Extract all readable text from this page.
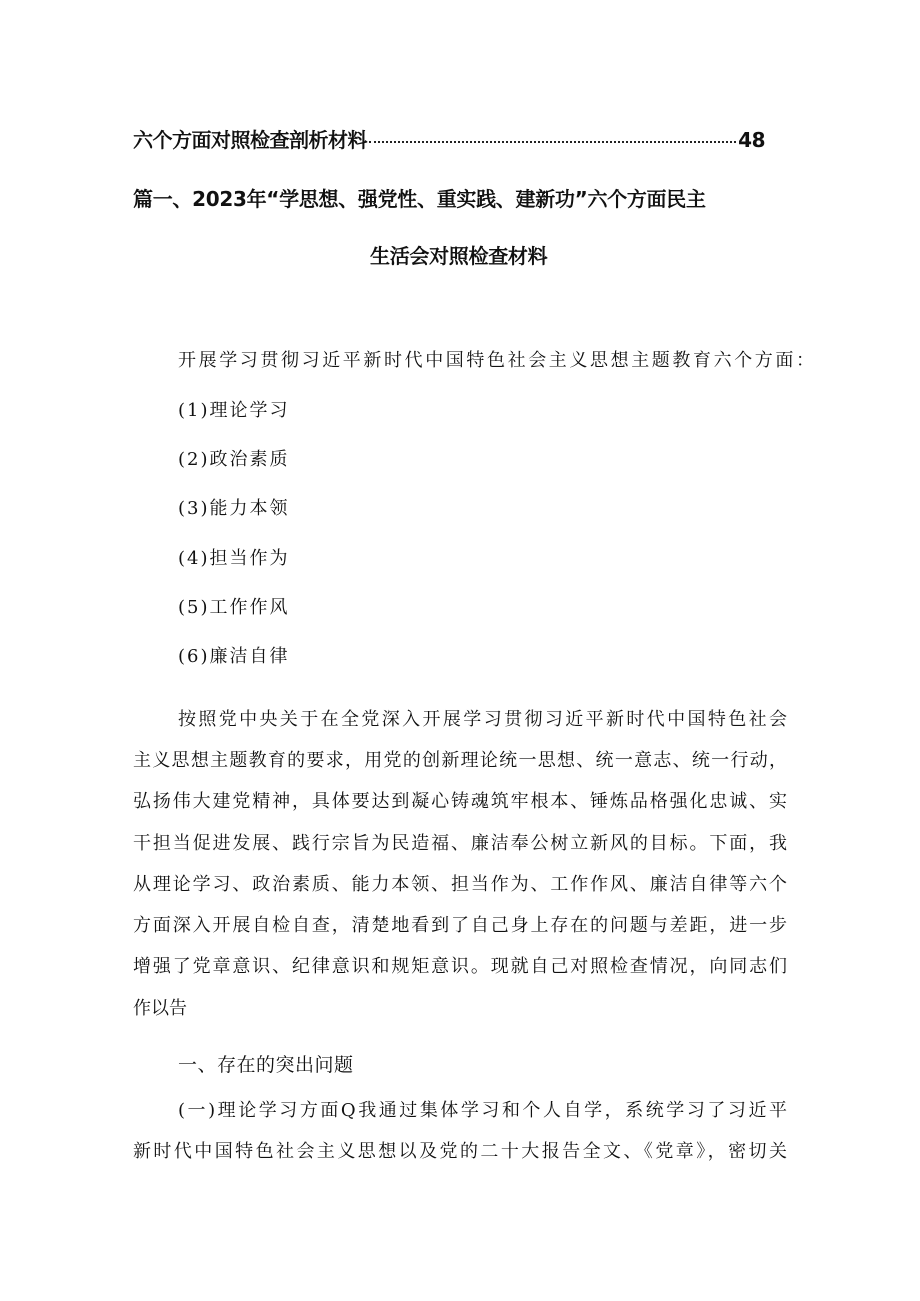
六个方面对照检查剖析材料	48
篇一、2023年“学思想、强党性、重实践、建新功”六个方面民主
生活会对照检查材料
开展学习贯彻习近平新时代中国特色社会主义思想主题教育六个方面：
(1)理论学习
(2)政治素质
(3)能力本领
(4)担当作为
(5)工作作风
(6)廉洁自律
按照党中央关于在全党深入开展学习贯彻习近平新时代中国特色社会
主义思想主题教育的要求，用党的创新理论统一思想、统一意志、统一行动，
弘扬伟大建党精神，具体要达到凝心铸魂筑牢根本、锤炼品格强化忠诚、实
干担当促进发展、践行宗旨为民造福、廉洁奉公树立新风的目标。下面，我
从理论学习、政治素质、能力本领、担当作为、工作作风、廉洁自律等六个
方面深入开展自检自查，清楚地看到了自己身上存在的问题与差距，进一步
增强了党章意识、纪律意识和规矩意识。现就自己对照检查情况，向同志们
作以告
一、存在的突出问题
(一)理论学习方面Q我通过集体学习和个人自学，系统学习了习近平
新时代中国特色社会主义思想以及党的二十大报告全文、《党章》，密切关
